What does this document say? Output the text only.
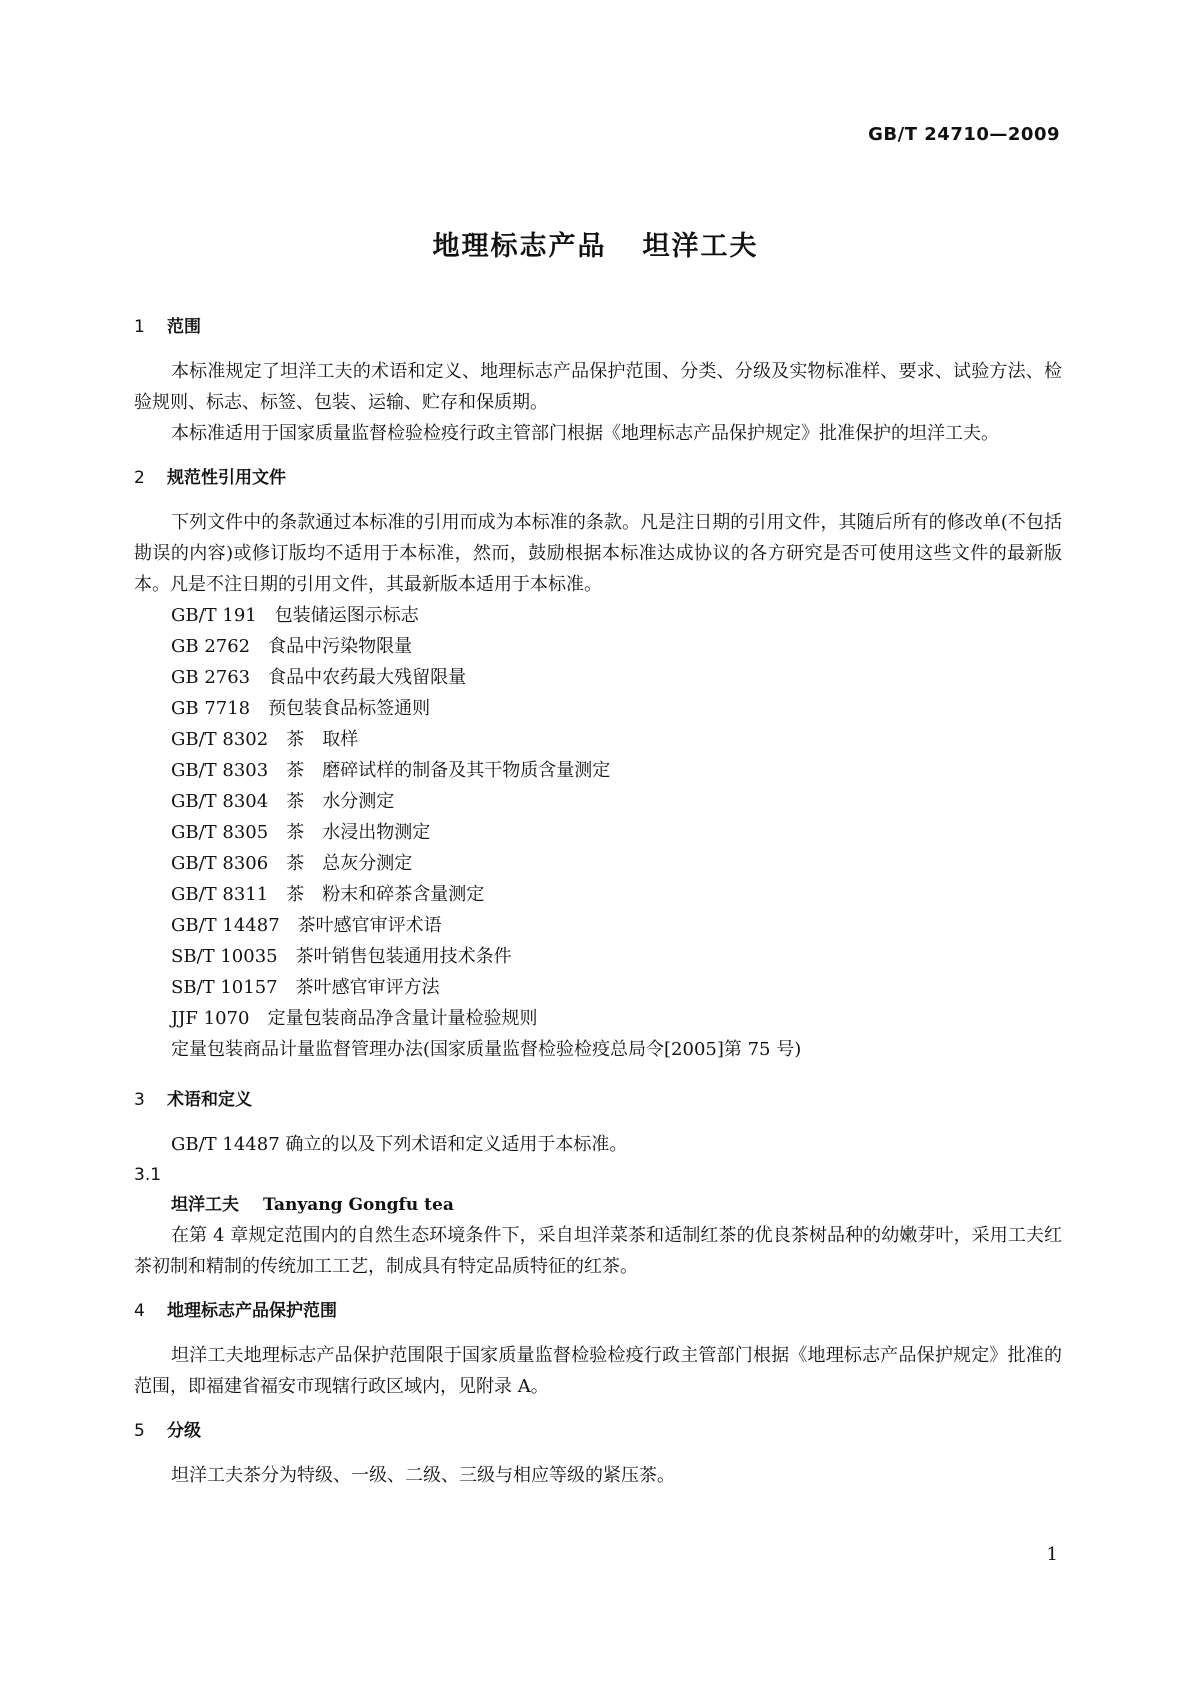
GB/T 24710—2009
地理标志产品 坦洋工夫
1 范围

本标准规定了坦洋工夫的术语和定义、地理标志产品保护范围、分类、分级及实物标准样、要求、试验方法、检验规则、标志、标签、包装、运输、贮存和保质期。

本标准适用于国家质量监督检验检疫行政主管部门根据《地理标志产品保护规定》批准保护的坦洋工夫。

2 规范性引用文件

下列文件中的条款通过本标准的引用而成为本标准的条款。凡是注日期的引用文件，其随后所有的修改单(不包括勘误的内容)或修订版均不适用于本标准，然而，鼓励根据本标准达成协议的各方研究是否可使用这些文件的最新版本。凡是不注日期的引用文件，其最新版本适用于本标准。

GB/T 191 包装储运图示标志

GB 2762 食品中污染物限量

GB 2763 食品中农药最大残留限量

GB 7718 预包装食品标签通则

GB/T 8302 茶　取样

GB/T 8303 茶　磨碎试样的制备及其干物质含量测定

GB/T 8304 茶　水分测定

GB/T 8305 茶　水浸出物测定

GB/T 8306 茶　总灰分测定

GB/T 8311 茶　粉末和碎茶含量测定

GB/T 14487 茶叶感官审评术语

SB/T 10035 茶叶销售包装通用技术条件

SB/T 10157 茶叶感官审评方法

JJF 1070 定量包装商品净含量计量检验规则

定量包装商品计量监督管理办法(国家质量监督检验检疫总局令[2005]第 75 号)

3 术语和定义

GB/T 14487 确立的以及下列术语和定义适用于本标准。

3.1

坦洋工夫 Tanyang Gongfu tea

在第 4 章规定范围内的自然生态环境条件下，采自坦洋菜茶和适制红茶的优良茶树品种的幼嫩芽叶，采用工夫红茶初制和精制的传统加工工艺，制成具有特定品质特征的红茶。

4 地理标志产品保护范围

坦洋工夫地理标志产品保护范围限于国家质量监督检验检疫行政主管部门根据《地理标志产品保护规定》批准的范围，即福建省福安市现辖行政区域内，见附录 A。

5 分级

坦洋工夫茶分为特级、一级、二级、三级与相应等级的紧压茶。

1
